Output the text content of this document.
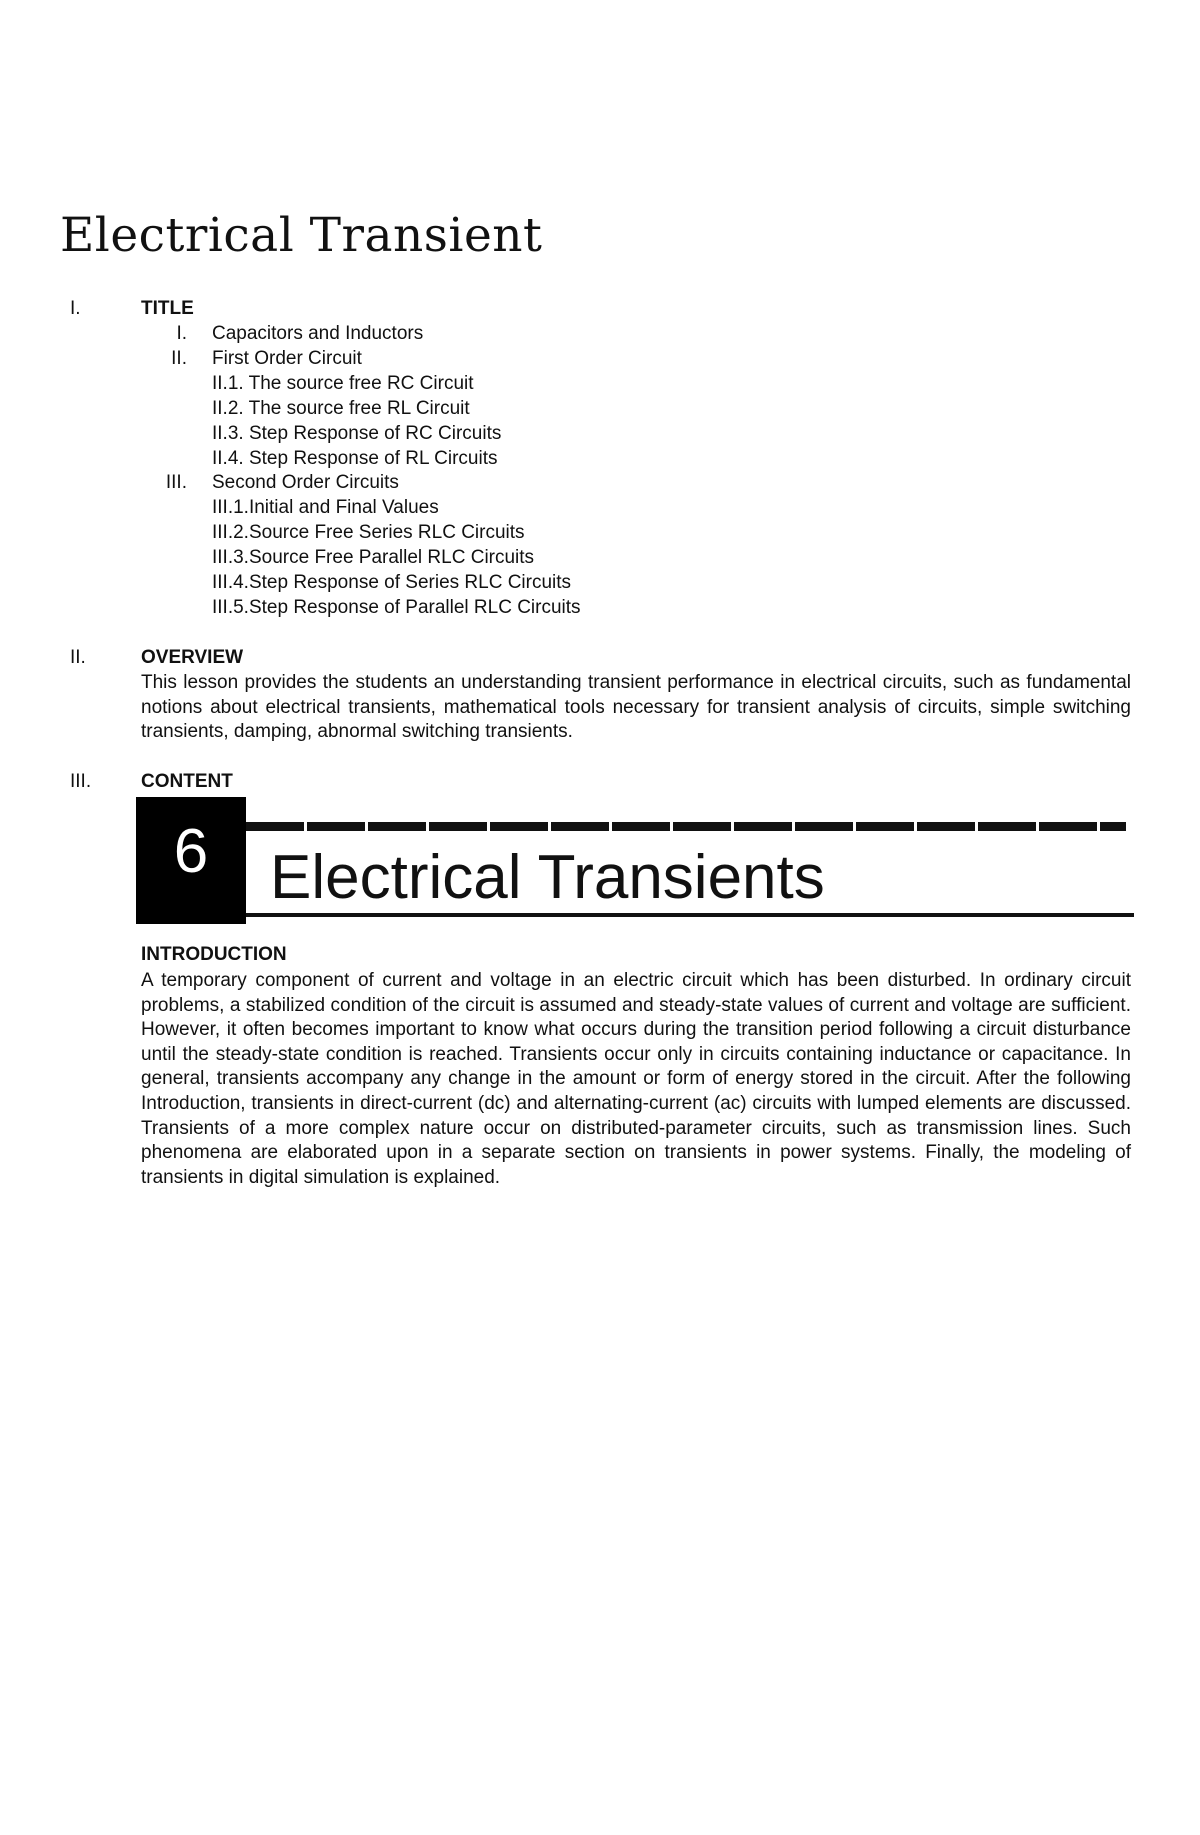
Electrical Transient
I.	TITLE
I. Capacitors and Inductors
II. First Order Circuit
II.1. The source free RC Circuit
II.2. The source free RL Circuit
II.3. Step Response of RC Circuits
II.4. Step Response of RL Circuits
III. Second Order Circuits
III.1.Initial and Final Values
III.2.Source Free Series RLC Circuits
III.3.Source Free Parallel RLC Circuits
III.4.Step Response of Series RLC Circuits
III.5.Step Response of Parallel RLC Circuits
II.	OVERVIEW

This lesson provides the students an understanding transient performance in electrical circuits, such as fundamental notions about electrical transients, mathematical tools necessary for transient analysis of circuits, simple switching transients, damping, abnormal switching transients.

III.	CONTENT
6 Electrical Transients
INTRODUCTION

A temporary component of current and voltage in an electric circuit which has been disturbed. In ordinary circuit problems, a stabilized condition of the circuit is assumed and steady-state values of current and voltage are sufficient. However, it often becomes important to know what occurs during the transition period following a circuit disturbance until the steady-state condition is reached. Transients occur only in circuits containing inductance or capacitance. In general, transients accompany any change in the amount or form of energy stored in the circuit. After the following Introduction, transients in direct-current (dc) and alternating-current (ac) circuits with lumped elements are discussed. Transients of a more complex nature occur on distributed-parameter circuits, such as transmission lines. Such phenomena are elaborated upon in a separate section on transients in power systems. Finally, the modeling of transients in digital simulation is explained.
